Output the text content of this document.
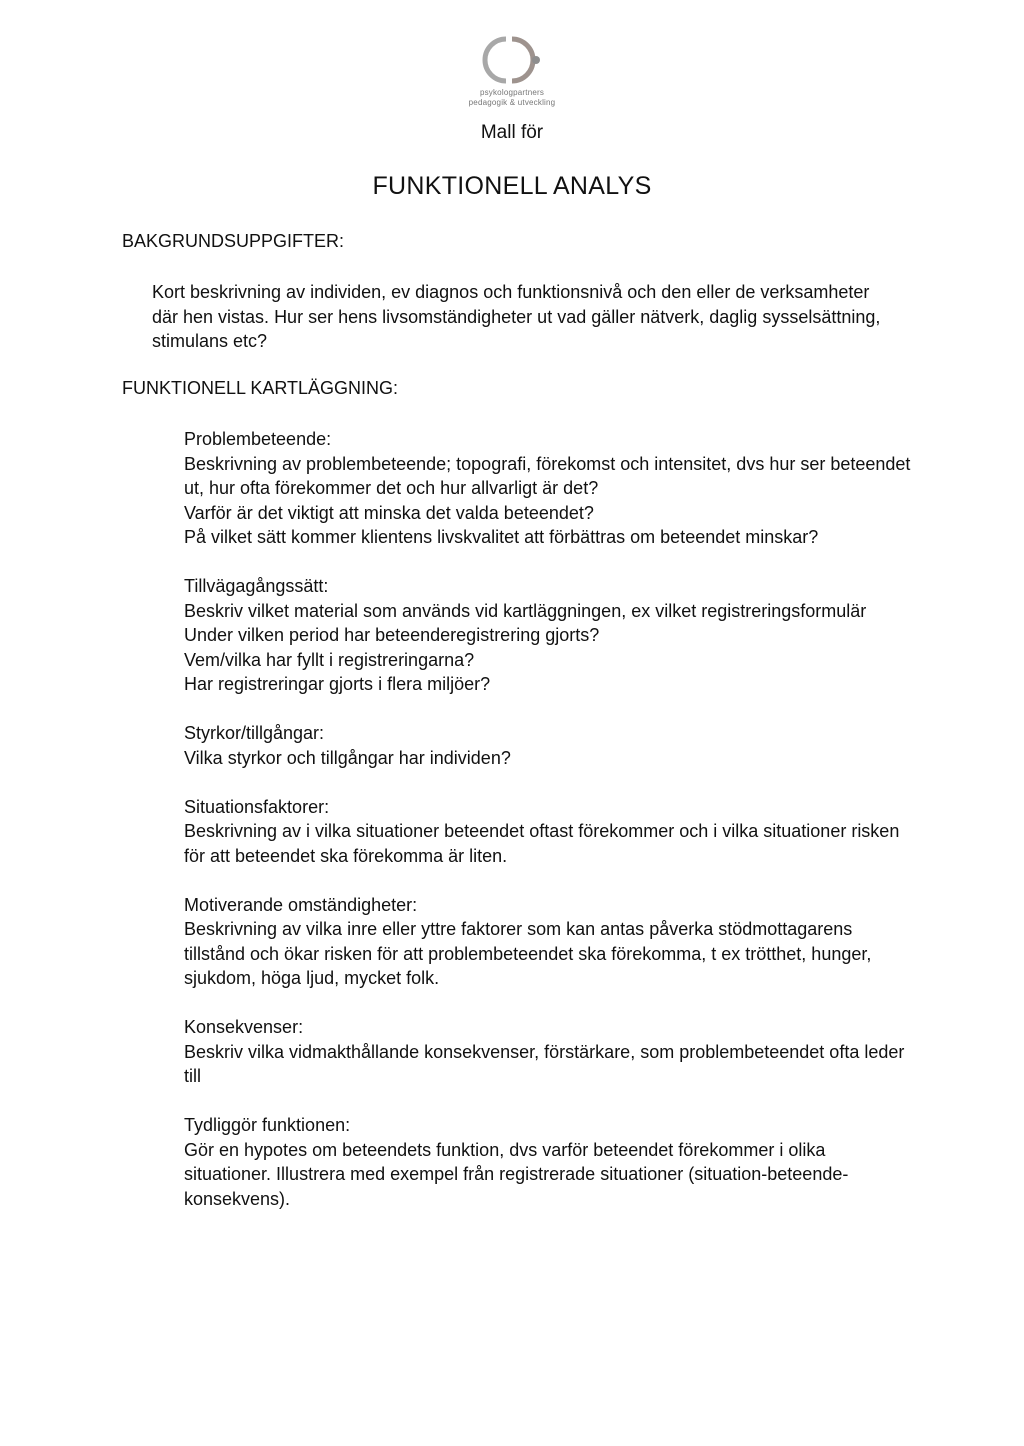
psykologpartners
pedagogik & utveckling
Mall för
FUNKTIONELL ANALYS
BAKGRUNDSUPPGIFTER:
Kort beskrivning av individen, ev diagnos och funktionsnivå och den eller de verksamheter där hen vistas. Hur ser hens livsomständigheter ut vad gäller nätverk, daglig sysselsättning, stimulans etc?
FUNKTIONELL KARTLÄGGNING:

Problembeteende:

Beskrivning av problembeteende; topografi, förekomst och intensitet, dvs hur ser beteendet ut, hur ofta förekommer det och hur allvarligt är det?

Varför är det viktigt att minska det valda beteendet?

På vilket sätt kommer klientens livskvalitet att förbättras om beteendet minskar?

Tillvägagångssätt:

Beskriv vilket material som används vid kartläggningen, ex vilket registreringsformulär

Under vilken period har beteenderegistrering gjorts?

Vem/vilka har fyllt i registreringarna?

Har registreringar gjorts i flera miljöer?

Styrkor/tillgångar:

Vilka styrkor och tillgångar har individen?

Situationsfaktorer:

Beskrivning av i vilka situationer beteendet oftast förekommer och i vilka situationer risken för att beteendet ska förekomma är liten.

Motiverande omständigheter:

Beskrivning av vilka inre eller yttre faktorer som kan antas påverka stödmottagarens tillstånd och ökar risken för att problembeteendet ska förekomma, t ex trötthet, hunger, sjukdom, höga ljud, mycket folk.

Konsekvenser:

Beskriv vilka vidmakthållande konsekvenser, förstärkare, som problembeteendet ofta leder till

Tydliggör funktionen:

Gör en hypotes om beteendets funktion, dvs varför beteendet förekommer i olika situationer. Illustrera med exempel från registrerade situationer (situation-beteende-konsekvens).
